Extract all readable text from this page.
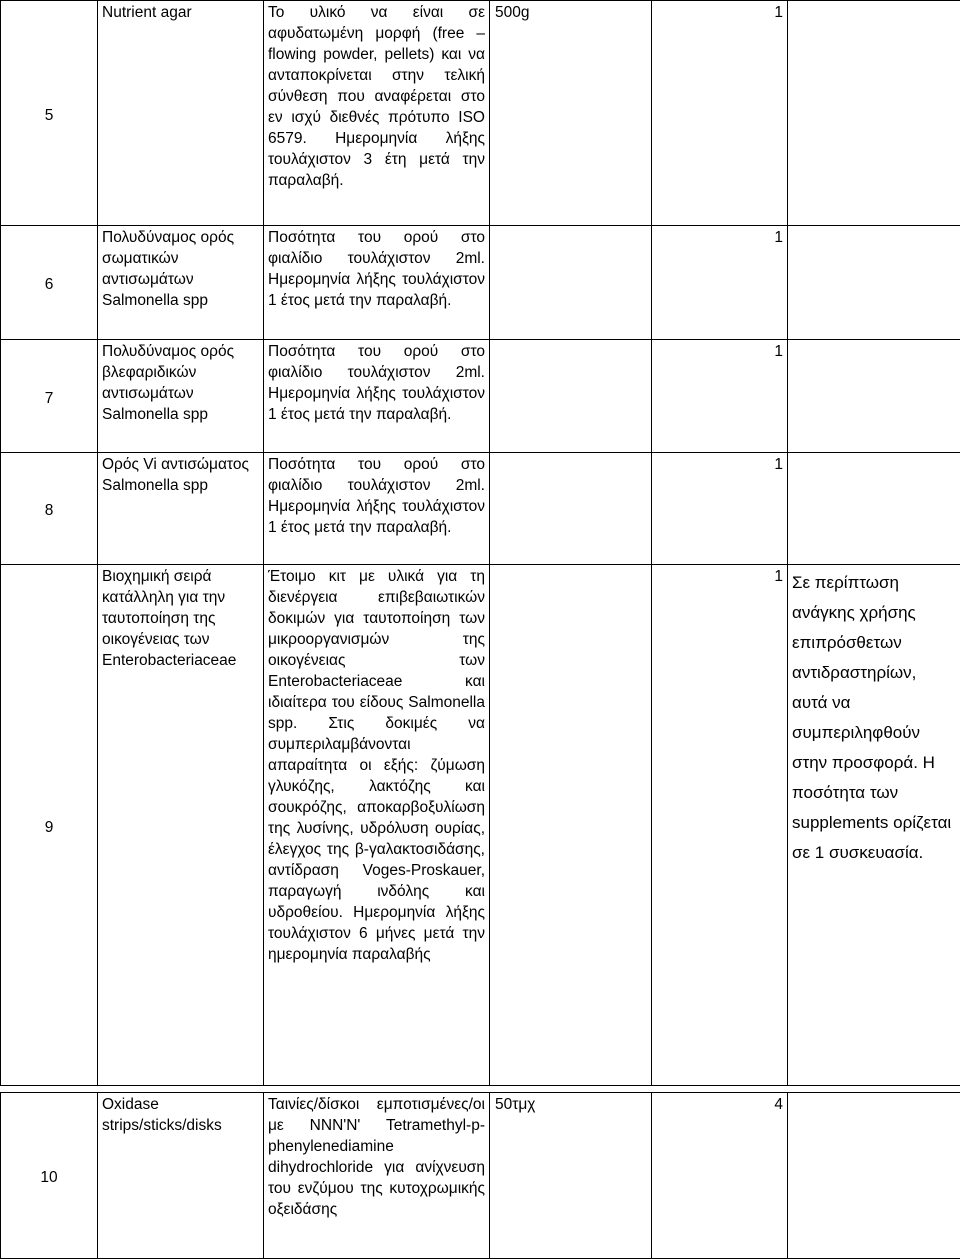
5	Nutrient agar	Το υλικό να είναι σε αφυδατωμένη μορφή (free – flowing powder, pellets) και να ανταποκρίνεται στην τελική σύνθεση που αναφέρεται στο εν ισχύ διεθνές πρότυπο ISO 6579. Ημερομηνία λήξης τουλάχιστον 3 έτη μετά την παραλαβή.	500g	1	
6	Πολυδύναμος ορός σωματικών αντισωμάτων Salmonella spp	Ποσότητα του ορού στο φιαλίδιο τουλάχιστον 2ml. Ημερομηνία λήξης τουλάχιστον 1 έτος μετά την παραλαβή.		1	
7	Πολυδύναμος ορός βλεφαριδικών αντισωμάτων Salmonella spp	Ποσότητα του ορού στο φιαλίδιο τουλάχιστον 2ml. Ημερομηνία λήξης τουλάχιστον 1 έτος μετά την παραλαβή.		1	
8	Ορός Vi αντισώματος Salmonella spp	Ποσότητα του ορού στο φιαλίδιο τουλάχιστον 2ml. Ημερομηνία λήξης τουλάχιστον 1 έτος μετά την παραλαβή.		1	
9	Βιοχημική σειρά κατάλληλη για την ταυτοποίηση της οικογένειας των Enterobacteriaceae	Έτοιμο κιτ με υλικά για τη διενέργεια επιβεβαιωτικών δοκιμών για ταυτοποίηση των μικροοργανισμών της οικογένειας των Enterobacteriaceae και ιδιαίτερα του είδους Salmonella spp. Στις δοκιμές να συμπεριλαμβάνονται απαραίτητα οι εξής: ζύμωση γλυκόζης, λακτόζης και σουκρόζης, αποκαρβοξυλίωση της λυσίνης, υδρόλυση ουρίας, έλεγχος της β-γαλακτοσιδάσης, αντίδραση Voges-Proskauer, παραγωγή ινδόλης και υδροθείου. Ημερομηνία λήξης τουλάχιστον 6 μήνες μετά την ημερομηνία παραλαβής		1	Σε περίπτωση ανάγκης χρήσης επιπρόσθετων αντιδραστηρίων, αυτά να συμπεριληφθούν στην προσφορά. Η ποσότητα των supplements ορίζεται σε 1 συσκευασία.

10	Oxidase strips/sticks/disks	Ταινίες/δίσκοι εμποτισμένες/οι με NNN'N' Tetramethyl-p-phenylenediamine dihydrochloride για ανίχνευση του ενζύμου της κυτοχρωμικής οξειδάσης	50τμχ	4	
